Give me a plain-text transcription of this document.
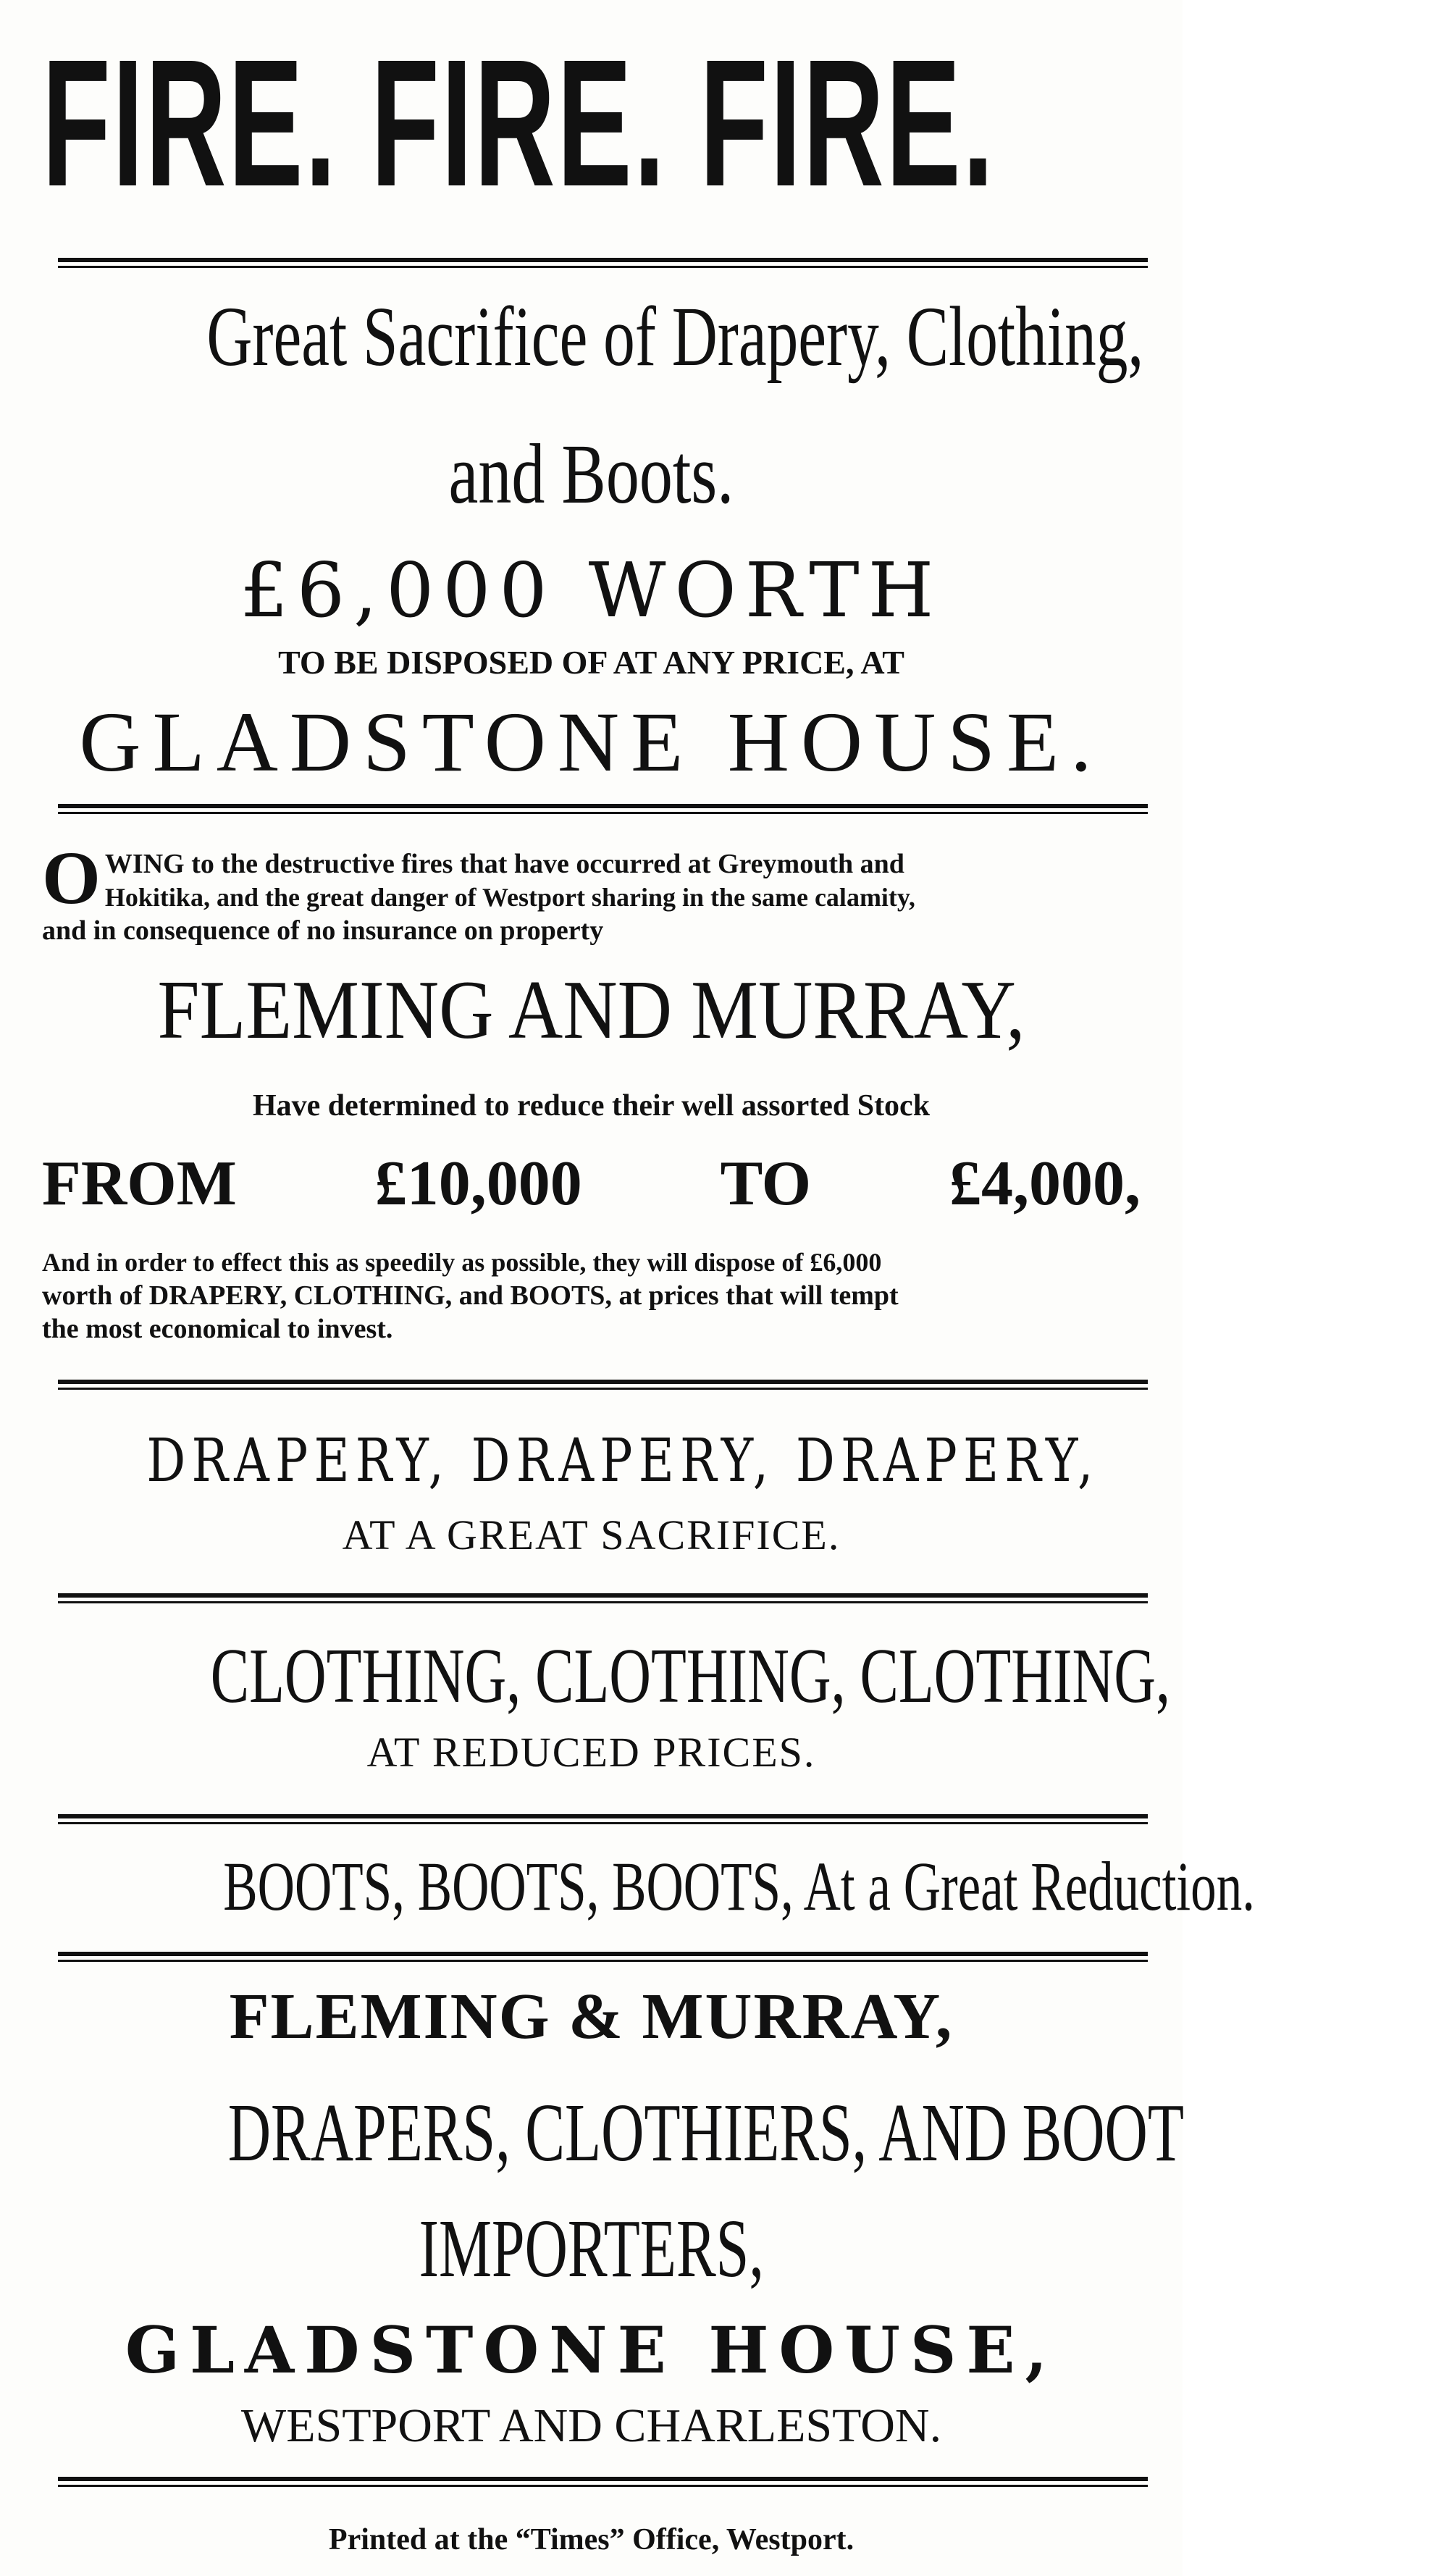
FIRE. FIRE. FIRE.
Great Sacrifice of Drapery, Clothing,
and Boots.
£6,000 WORTH
TO BE DISPOSED OF AT ANY PRICE, AT
GLADSTONE HOUSE.
O WING to the destructive fires that have occurred at Greymouth and
Hokitika, and the great danger of Westport sharing in the same calamity,
and in consequence of no insurance on property
FLEMING AND MURRAY,
Have determined to reduce their well assorted Stock
FROM £10,000 TO £4,000,
And in order to effect this as speedily as possible, they will dispose of £6,000
worth of DRAPERY, CLOTHING, and BOOTS, at prices that will tempt
the most economical to invest.
DRAPERY, DRAPERY, DRAPERY,
AT A GREAT SACRIFICE.
CLOTHING, CLOTHING, CLOTHING,
AT REDUCED PRICES.
BOOTS, BOOTS, BOOTS, At a Great Reduction.
FLEMING & MURRAY,
DRAPERS, CLOTHIERS, AND BOOT
IMPORTERS,
GLADSTONE HOUSE,
WESTPORT AND CHARLESTON.
Printed at the “Times” Office, Westport.
